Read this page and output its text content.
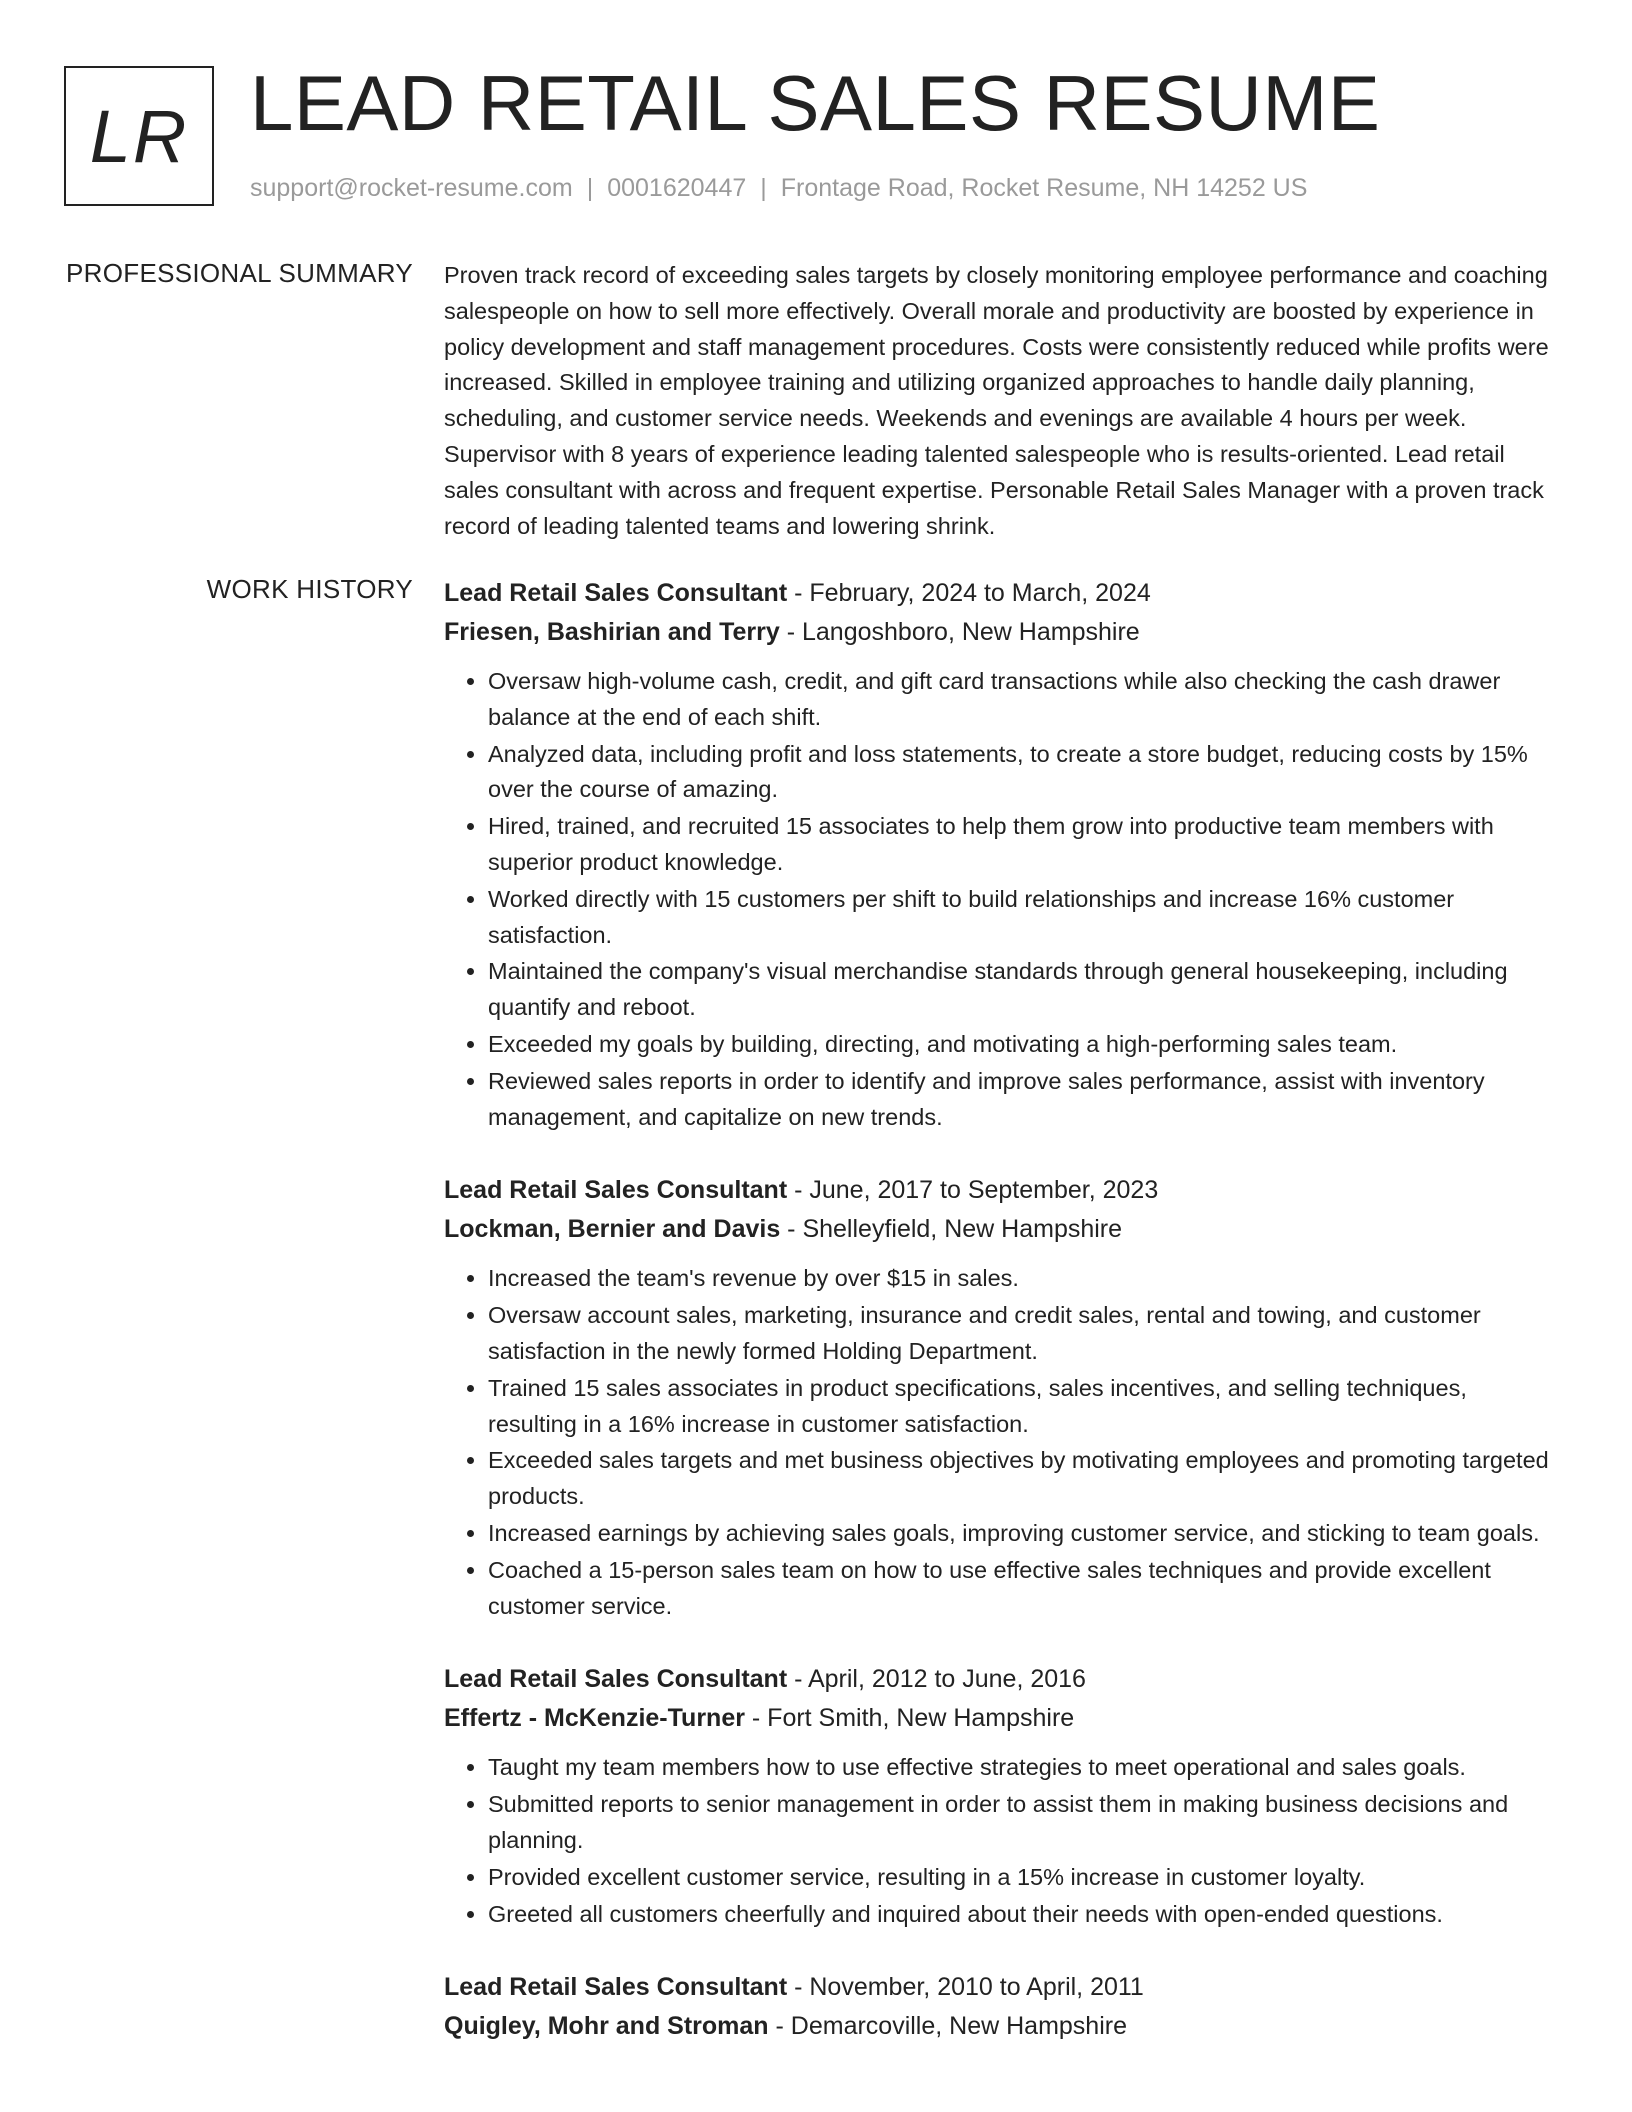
LR LEAD RETAIL SALES RESUME
support@rocket-resume.com | 0001620447 | Frontage Road, Rocket Resume, NH 14252 US
PROFESSIONAL SUMMARY Proven track record of exceeding sales targets by closely monitoring employee performance and coaching salespeople on how to sell more effectively. Overall morale and productivity are boosted by experience in policy development and staff management procedures. Costs were consistently reduced while profits were increased. Skilled in employee training and utilizing organized approaches to handle daily planning, scheduling, and customer service needs. Weekends and evenings are available 4 hours per week. Supervisor with 8 years of experience leading talented salespeople who is results-oriented. Lead retail sales consultant with across and frequent expertise. Personable Retail Sales Manager with a proven track record of leading talented teams and lowering shrink.

WORK HISTORY Lead Retail Sales Consultant - February, 2024 to March, 2024
Friesen, Bashirian and Terry - Langoshboro, New Hampshire
• Oversaw high-volume cash, credit, and gift card transactions while also checking the cash drawer balance at the end of each shift.
• Analyzed data, including profit and loss statements, to create a store budget, reducing costs by 15% over the course of amazing.
• Hired, trained, and recruited 15 associates to help them grow into productive team members with superior product knowledge.
• Worked directly with 15 customers per shift to build relationships and increase 16% customer satisfaction.
• Maintained the company's visual merchandise standards through general housekeeping, including quantify and reboot.
• Exceeded my goals by building, directing, and motivating a high-performing sales team.
• Reviewed sales reports in order to identify and improve sales performance, assist with inventory management, and capitalize on new trends.
Lead Retail Sales Consultant - June, 2017 to September, 2023
Lockman, Bernier and Davis - Shelleyfield, New Hampshire
• Increased the team's revenue by over $15 in sales.
• Oversaw account sales, marketing, insurance and credit sales, rental and towing, and customer satisfaction in the newly formed Holding Department.
• Trained 15 sales associates in product specifications, sales incentives, and selling techniques, resulting in a 16% increase in customer satisfaction.
• Exceeded sales targets and met business objectives by motivating employees and promoting targeted products.
• Increased earnings by achieving sales goals, improving customer service, and sticking to team goals.
• Coached a 15-person sales team on how to use effective sales techniques and provide excellent customer service.
Lead Retail Sales Consultant - April, 2012 to June, 2016
Effertz - McKenzie-Turner - Fort Smith, New Hampshire
• Taught my team members how to use effective strategies to meet operational and sales goals.
• Submitted reports to senior management in order to assist them in making business decisions and planning.
• Provided excellent customer service, resulting in a 15% increase in customer loyalty.
• Greeted all customers cheerfully and inquired about their needs with open-ended questions.
Lead Retail Sales Consultant - November, 2010 to April, 2011
Quigley, Mohr and Stroman - Demarcoville, New Hampshire
